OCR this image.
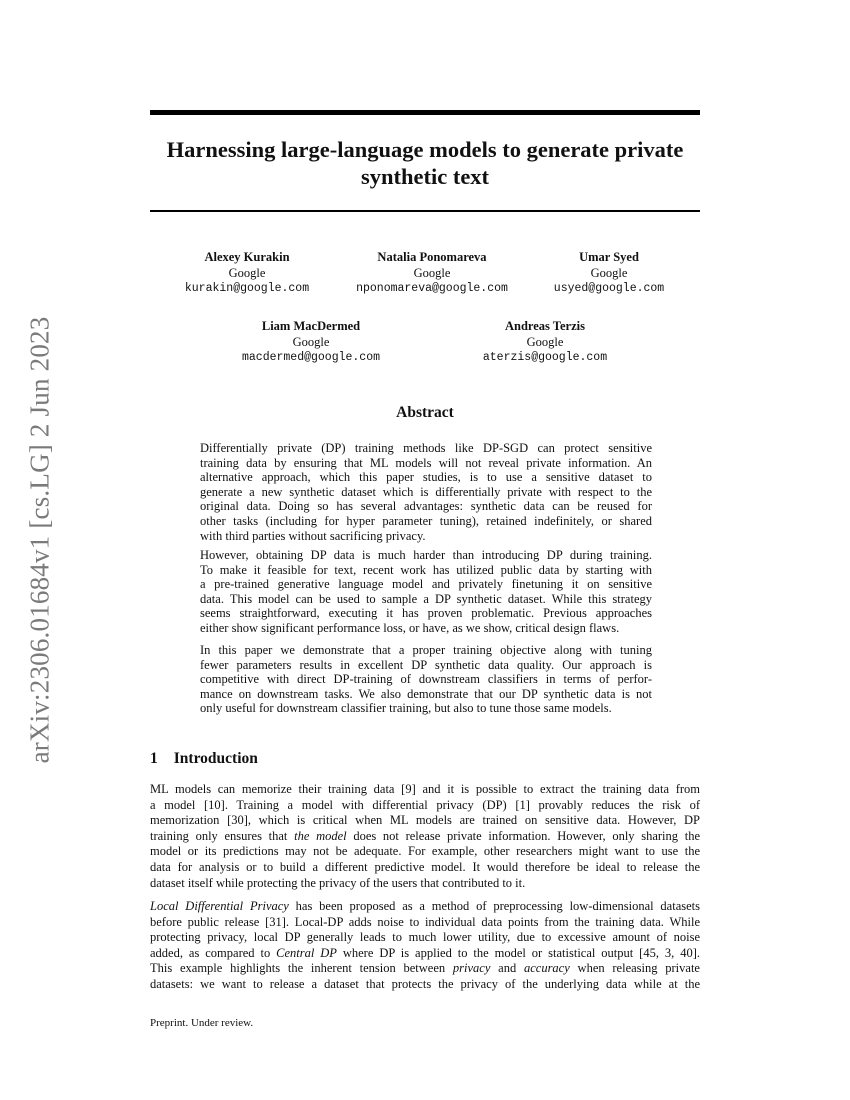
arXiv:2306.01684v1 [cs.LG] 2 Jun 2023
Harnessing large-language models to generate private
synthetic text
Alexey Kurakin
Google
kurakin@google.com
Natalia Ponomareva
Google
nponomareva@google.com
Umar Syed
Google
usyed@google.com
Liam MacDermed
Google
macdermed@google.com
Andreas Terzis
Google
aterzis@google.com
Abstract

Differentially private (DP) training methods like DP-SGD can protect sensitive
training data by ensuring that ML models will not reveal private information. An
alternative approach, which this paper studies, is to use a sensitive dataset to
generate a new synthetic dataset which is differentially private with respect to the
original data. Doing so has several advantages: synthetic data can be reused for
other tasks (including for hyper parameter tuning), retained indefinitely, or shared
with third parties without sacrificing privacy.

However, obtaining DP data is much harder than introducing DP during training.
To make it feasible for text, recent work has utilized public data by starting with
a pre-trained generative language model and privately finetuning it on sensitive
data. This model can be used to sample a DP synthetic dataset. While this strategy
seems straightforward, executing it has proven problematic. Previous approaches
either show significant performance loss, or have, as we show, critical design flaws.

In this paper we demonstrate that a proper training objective along with tuning
fewer parameters results in excellent DP synthetic data quality. Our approach is
competitive with direct DP-training of downstream classifiers in terms of perfor-
mance on downstream tasks. We also demonstrate that our DP synthetic data is not
only useful for downstream classifier training, but also to tune those same models.

1 Introduction

ML models can memorize their training data [9] and it is possible to extract the training data from
a model [10]. Training a model with differential privacy (DP) [1] provably reduces the risk of
memorization [30], which is critical when ML models are trained on sensitive data. However, DP
training only ensures that the model does not release private information. However, only sharing the
model or its predictions may not be adequate. For example, other researchers might want to use the
data for analysis or to build a different predictive model. It would therefore be ideal to release the
dataset itself while protecting the privacy of the users that contributed to it.

Local Differential Privacy has been proposed as a method of preprocessing low-dimensional datasets
before public release [31]. Local-DP adds noise to individual data points from the training data. While
protecting privacy, local DP generally leads to much lower utility, due to excessive amount of noise
added, as compared to Central DP where DP is applied to the model or statistical output [45, 3, 40].
This example highlights the inherent tension between privacy and accuracy when releasing private
datasets: we want to release a dataset that protects the privacy of the underlying data while at the

Preprint. Under review.
